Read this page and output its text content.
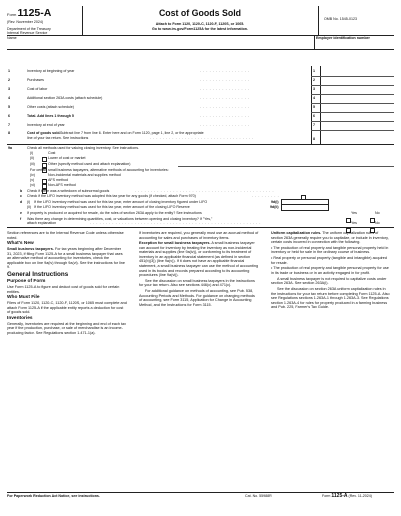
Form 1125-A
(Rev. November 2024)
Department of the Treasury
Internal Revenue Service
Cost of Goods Sold
Attach to Form 1120, 1120-C, 1120-F, 1120S, or 1065.
Go to www.irs.gov/Form1125A for the latest information.
OMB No. 1545-0123
Name	Employer identification number
1	Inventory at beginning of year	. . . . . . . . . . . . . . . .	1
2	Purchases	. . . . . . . . . . . . . . . .	2
3	Cost of labor	. . . . . . . . . . . . . . . .	3
4	Additional section 263A costs (attach schedule)	. . . . . . . . . . . . . . . .	4
5	Other costs (attach schedule)	. . . . . . . . . . . . . . . .	5
6	Total. Add lines 1 through 5	. . . . . . . . . . . . . . . .	6
7	Inventory at end of year	. . . . . . . . . . . . . . . .	7
8	Cost of goods sold. Subtract line 7 from line 6. Enter here and on Form 1120, page 1, line 2, or the appropriate
line of your tax return. See instructions	. . . . . . . . . . . . . . . . . . . . . . . . . . . . . . . . .	8
9a	Check all methods used for valuing closing inventory. See instructions.
(i)	Cost
(ii)	Lower of cost or market
(iii)	Other (specify method used and attach explanation)
For certain small business taxpayers, alternative methods of accounting for inventories:
(iv)	Non-incidental materials and supplies method
(v)	AFS method
(vi)	Non-AFS method
b Check if there was a writedown of subnormal goods	. . . . . . . . . . . . . . . . . . . . . . . . . . . . . . . . . . . . . . . . . . . .
c Check if the LIFO inventory method was adopted this tax year for any goods (if checked, attach Form 970)	. . . . . . . . .
d (i) If the LIFO inventory method was used for this tax year, enter amount of closing inventory figured under LIFO	9d(i)
(ii) If the LIFO inventory method was used for this tax year, enter amount of the closing LIFO Reserve	9d(ii)
e If property is produced or acquired for resale, do the rules of section 263A apply to the entity? See instructions	Yes	No
f Was there any change in determining quantities, cost, or valuations between opening and closing inventory? If "Yes,"
attach explanation	. . . . . . . . . . . . . . . . . . . . . . . . . . . . . . . . . . . . . . . . . . . . . . . . . . . . . .	Yes	No

Section references are to the Internal Revenue Code unless otherwise noted.

What's New

Small business taxpayers. For tax years beginning after December 31, 2023, if filing Form 1125-A for a small business taxpayer that uses an alternative method of accounting for inventories, check the applicable box on line 9a(iv) through 9a(vi). See the instructions for line 9.

General Instructions
Purpose of Form

Use Form 1125-A to figure and deduct cost of goods sold for certain entities.

Who Must File

Filers of Form 1120, 1120-C, 1120-F, 1120S, or 1065 must complete and attach Form 1125-A if the applicable entity reports a deduction for cost of goods sold.

Inventories

Generally, inventories are required at the beginning and end of each tax year if the production, purchase, or sale of merchandise is an income-producing factor. See Regulations section 1.471-1(a).

If inventories are required, you generally must use an accrual method of accounting for sales and purchases of inventory items.

Exception for small business taxpayers. A small business taxpayer can account for inventory by treating the inventory as non-incidental materials and supplies (line 9a(iv)), or conforming to its treatment of inventory in an applicable financial statement (as defined in section 451(b)(3)) (line 9a(v)). If it does not have an applicable financial statement, a small business taxpayer can use the method of accounting used in its books and records prepared according to its accounting procedures (line 9a(vi)).

See the discussion on small business taxpayers in the instructions for your tax return. Also see sections 446(c) and 471(c).

For additional guidance on methods of accounting, see Pub. 538, Accounting Periods and Methods. For guidance on changing methods of accounting, see Form 3115, Application for Change in Accounting Method, and the Instructions for Form 3115.

Uniform capitalization rules. The uniform capitalization rules of section 263A generally require you to capitalize, or include in inventory, certain costs incurred in connection with the following.

• The production of real property and tangible personal property held in inventory or held for sale in the ordinary course of business.

• Real property or personal property (tangible and intangible) acquired for resale.

• The production of real property and tangible personal property for use in its trade or business or in an activity engaged in for profit.

A small business taxpayer is not required to capitalize costs under section 263A. See section 263A(i).

See the discussion on section 263A uniform capitalization rules in the instructions for your tax return before completing Form 1125-A. Also see Regulations sections 1.263A-1 through 1.263A-3. See Regulations section 1.263A-4 for rules for property produced in a farming business and Pub. 225, Farmer's Tax Guide.

For Paperwork Reduction Act Notice, see instructions.	Cat. No. 55988R	Form 1125-A (Rev. 11-2024)
